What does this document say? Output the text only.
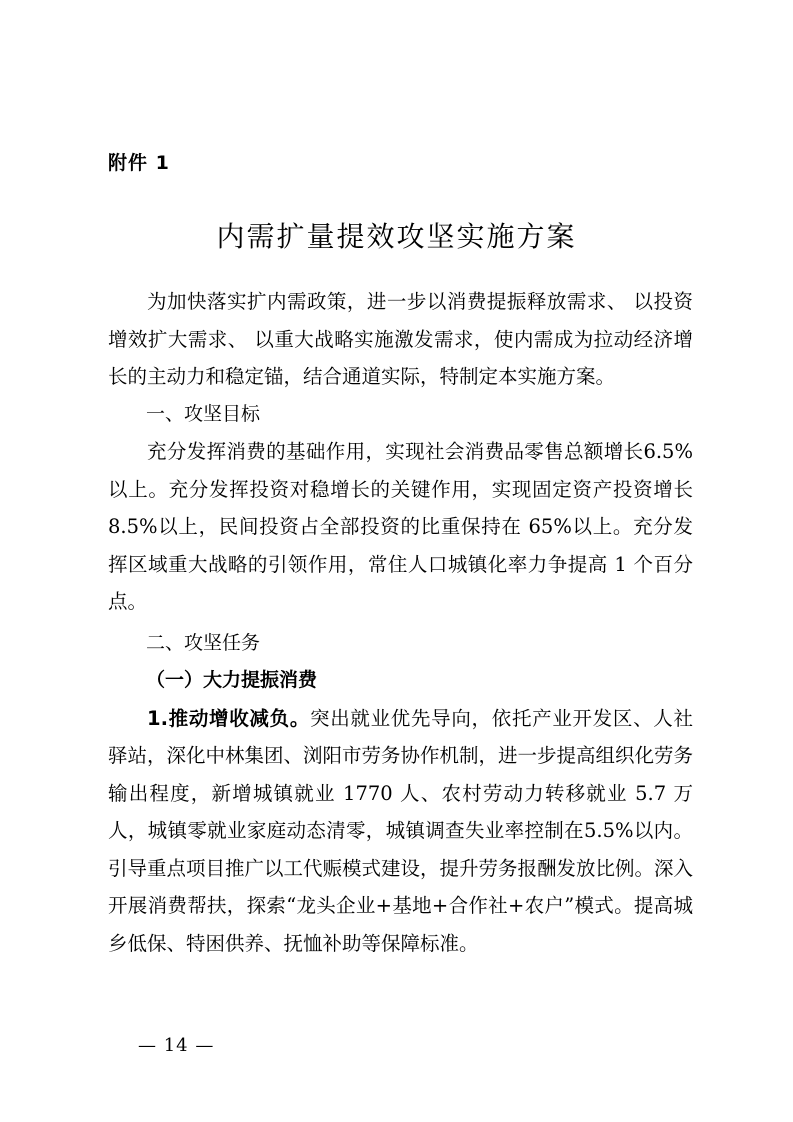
附件 1
内需扩量提效攻坚实施方案

为加快落实扩内需政策，进一步以消费提振释放需求、 以投资增效扩大需求、 以重大战略实施激发需求，使内需成为拉动经济增长的主动力和稳定锚，结合通道实际，特制定本实施方案。

一、攻坚目标

充分发挥消费的基础作用，实现社会消费品零售总额增长6.5%以上。充分发挥投资对稳增长的关键作用，实现固定资产投资增长 8.5%以上，民间投资占全部投资的比重保持在 65%以上。充分发挥区域重大战略的引领作用，常住人口城镇化率力争提高 1 个百分点。

二、攻坚任务

（一）大力提振消费

1.推动增收减负。突出就业优先导向，依托产业开发区、人社驿站，深化中林集团、浏阳市劳务协作机制，进一步提高组织化劳务输出程度，新增城镇就业 1770 人、农村劳动力转移就业 5.7 万人，城镇零就业家庭动态清零，城镇调查失业率控制在5.5%以内。引导重点项目推广以工代赈模式建设，提升劳务报酬发放比例。深入开展消费帮扶，探索“龙头企业+基地+合作社+农户”模式。提高城乡低保、特困供养、抚恤补助等保障标准。

— 14 —
